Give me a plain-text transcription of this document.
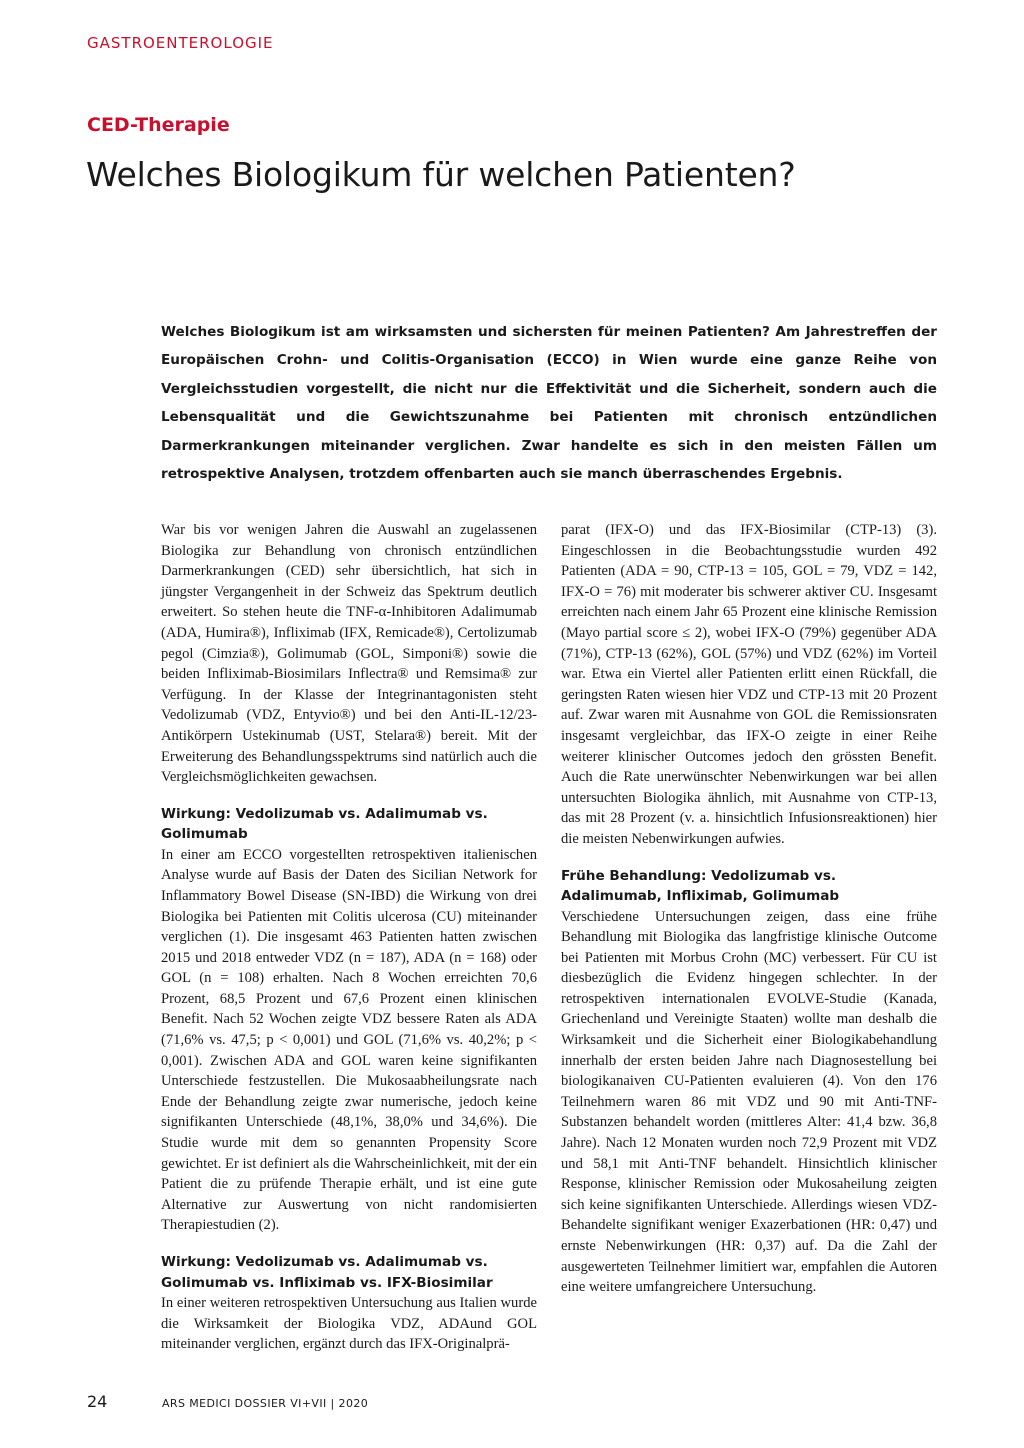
GASTROENTEROLOGIE

CED-Therapie
Welches Biologikum für welchen Patienten?

Welches Biologikum ist am wirksamsten und sichersten für meinen Patienten? Am Jahrestreffen der Europäischen Crohn- und Colitis-Organisation (ECCO) in Wien wurde eine ganze Reihe von Vergleichsstudien vorgestellt, die nicht nur die Effektivität und die Sicherheit, sondern auch die Lebensqualität und die Gewichtszunahme bei Patienten mit chronisch entzündlichen Darmerkrankungen miteinander verglichen. Zwar handelte es sich in den meisten Fällen um retrospektive Analysen, trotzdem offenbarten auch sie manch überraschendes Ergebnis.

War bis vor wenigen Jahren die Auswahl an zugelassenen Biologika zur Behandlung von chronisch entzündlichen Darmerkrankungen (CED) sehr übersichtlich, hat sich in jüngster Vergangenheit in der Schweiz das Spektrum deutlich erweitert. So stehen heute die TNF-α-Inhibitoren Adalimumab (ADA, Humira®), Infliximab (IFX, Remicade®), Certolizumab pegol (Cimzia®), Golimumab (GOL, Simponi®) sowie die beiden Infliximab-Biosimilars Inflectra® und Remsima® zur Verfügung. In der Klasse der Integrinantagonisten steht Vedolizumab (VDZ, Entyvio®) und bei den Anti-IL-12/23-Antikörpern Ustekinumab (UST, Stelara®) bereit. Mit der Erweiterung des Behandlungsspektrums sind natürlich auch die Vergleichsmöglichkeiten gewachsen.

Wirkung: Vedolizumab vs. Adalimumab vs. Golimumab

In einer am ECCO vorgestellten retrospektiven italienischen Analyse wurde auf Basis der Daten des Sicilian Network for Inflammatory Bowel Disease (SN-IBD) die Wirkung von drei Biologika bei Patienten mit Colitis ulcerosa (CU) miteinander verglichen (1). Die insgesamt 463 Patienten hatten zwischen 2015 und 2018 entweder VDZ (n = 187), ADA (n = 168) oder GOL (n = 108) erhalten. Nach 8 Wochen erreichten 70,6 Prozent, 68,5 Prozent und 67,6 Prozent einen klinischen Benefit. Nach 52 Wochen zeigte VDZ bessere Raten als ADA (71,6% vs. 47,5; p < 0,001) und GOL (71,6% vs. 40,2%; p < 0,001). Zwischen ADA and GOL waren keine signifikanten Unterschiede festzustellen. Die Mukosaabheilungsrate nach Ende der Behandlung zeigte zwar numerische, jedoch keine signifikanten Unterschiede (48,1%, 38,0% und 34,6%). Die Studie wurde mit dem so genannten Propensity Score gewichtet. Er ist definiert als die Wahrscheinlichkeit, mit der ein Patient die zu prüfende Therapie erhält, und ist eine gute Alternative zur Auswertung von nicht randomisierten Therapiestudien (2).

Wirkung: Vedolizumab vs. Adalimumab vs. Golimumab vs. Infliximab vs. IFX-Biosimilar

In einer weiteren retrospektiven Untersuchung aus Italien wurde die Wirksamkeit der Biologika VDZ, ADAund GOL miteinander verglichen, ergänzt durch das IFX-Originalprä-

parat (IFX-O) und das IFX-Biosimilar (CTP-13) (3). Eingeschlossen in die Beobachtungsstudie wurden 492 Patienten (ADA = 90, CTP-13 = 105, GOL = 79, VDZ = 142, IFX-O = 76) mit moderater bis schwerer aktiver CU. Insgesamt erreichten nach einem Jahr 65 Prozent eine klinische Remission (Mayo partial score ≤ 2), wobei IFX-O (79%) gegenüber ADA (71%), CTP-13 (62%), GOL (57%) und VDZ (62%) im Vorteil war. Etwa ein Viertel aller Patienten erlitt einen Rückfall, die geringsten Raten wiesen hier VDZ und CTP-13 mit 20 Prozent auf. Zwar waren mit Ausnahme von GOL die Remissionsraten insgesamt vergleichbar, das IFX-O zeigte in einer Reihe weiterer klinischer Outcomes jedoch den grössten Benefit. Auch die Rate unerwünschter Nebenwirkungen war bei allen untersuchten Biologika ähnlich, mit Ausnahme von CTP-13, das mit 28 Prozent (v. a. hinsichtlich Infusionsreaktionen) hier die meisten Nebenwirkungen aufwies.

Frühe Behandlung: Vedolizumab vs. Adalimumab, Infliximab, Golimumab

Verschiedene Untersuchungen zeigen, dass eine frühe Behandlung mit Biologika das langfristige klinische Outcome bei Patienten mit Morbus Crohn (MC) verbessert. Für CU ist diesbezüglich die Evidenz hingegen schlechter. In der retrospektiven internationalen EVOLVE-Studie (Kanada, Griechenland und Vereinigte Staaten) wollte man deshalb die Wirksamkeit und die Sicherheit einer Biologikabehandlung innerhalb der ersten beiden Jahre nach Diagnosestellung bei biologikanaiven CU-Patienten evaluieren (4). Von den 176 Teilnehmern waren 86 mit VDZ und 90 mit Anti-TNF-Substanzen behandelt worden (mittleres Alter: 41,4 bzw. 36,8 Jahre). Nach 12 Monaten wurden noch 72,9 Prozent mit VDZ und 58,1 mit Anti-TNF behandelt. Hinsichtlich klinischer Response, klinischer Remission oder Mukosaheilung zeigten sich keine signifikanten Unterschiede. Allerdings wiesen VDZ-Behandelte signifikant weniger Exazerbationen (HR: 0,47) und ernste Nebenwirkungen (HR: 0,37) auf. Da die Zahl der ausgewerteten Teilnehmer limitiert war, empfahlen die Autoren eine weitere umfangreichere Untersuchung.

24	ARS MEDICI DOSSIER VI+VII | 2020
